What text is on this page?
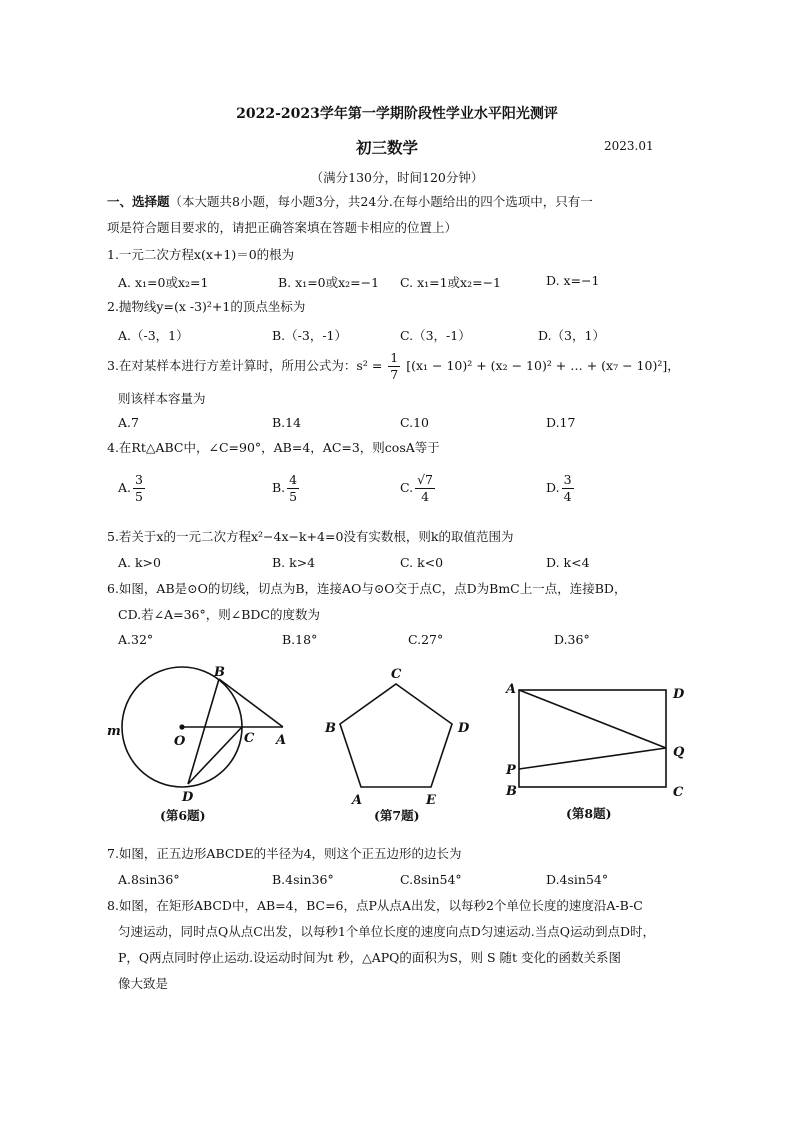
2022-2023学年第一学期阶段性学业水平阳光测评
初三数学	2023.01
（满分130分，时间120分钟）
一、选择题（本大题共8小题，每小题3分，共24分.在每小题给出的四个选项中，只有一
项是符合题目要求的，请把正确答案填在答题卡相应的位置上）
1.一元二次方程x(x+1)＝0的根为
A. x₁=0或x₂=1	B. x₁=0或x₂=−1 C. x₁=1或x₂=−1	D. x=−1
2.抛物线y=(x -3)²+1的顶点坐标为
A.（-3，1）	B.（-3，-1）	C.（3，-1）	D.（3，1）
3.在对某样本进行方差计算时，所用公式为：$s^2 = \frac{1}{7} [(x_1 - 10)^2 + (x_2 - 10)^2$ + … + (x₇ − 10)²]，
则该样本容量为
A.7	B.14	C.10	D.17
4.在Rt△ABC中，∠C=90°，AB=4，AC=3，则cosA等于
A. $\frac{3}{5}$	B. $\frac{4}{5}$	C. $\frac{√7}{4}$	D. $\frac{3}{4}$
5.若关于x的一元二次方程x²−4x−k+4=0没有实数根，则k的取值范围为
A. k>0	B. k>4	C. k<0	D. k<4
6.如图，AB是⊙O的切线，切点为B，连接AO与⊙O交于点C，点D为BmC上一点，连接BD，
CD.若∠A=36°，则∠BDC的度数为
A.32°	B.18°	C.27°	D.36°
B
m
O	C A
D
C
B	D
A	E
A	D
Q
P
B	C
(第6题)	(第7题)	(第8题)
7.如图，正五边形ABCDE的半径为4，则这个正五边形的边长为
A.8sin36°	B.4sin36°	C.8sin54°	D.4sin54°
8.如图，在矩形ABCD中，AB=4，BC=6，点P从点A出发，以每秒2个单位长度的速度沿A-B-C
匀速运动，同时点Q从点C出发，以每秒1个单位长度的速度向点D匀速运动.当点Q运动到点D时，
P，Q两点同时停止运动.设运动时间为t 秒，△APQ的面积为S，则 S 随t 变化的函数关系图
像大致是
